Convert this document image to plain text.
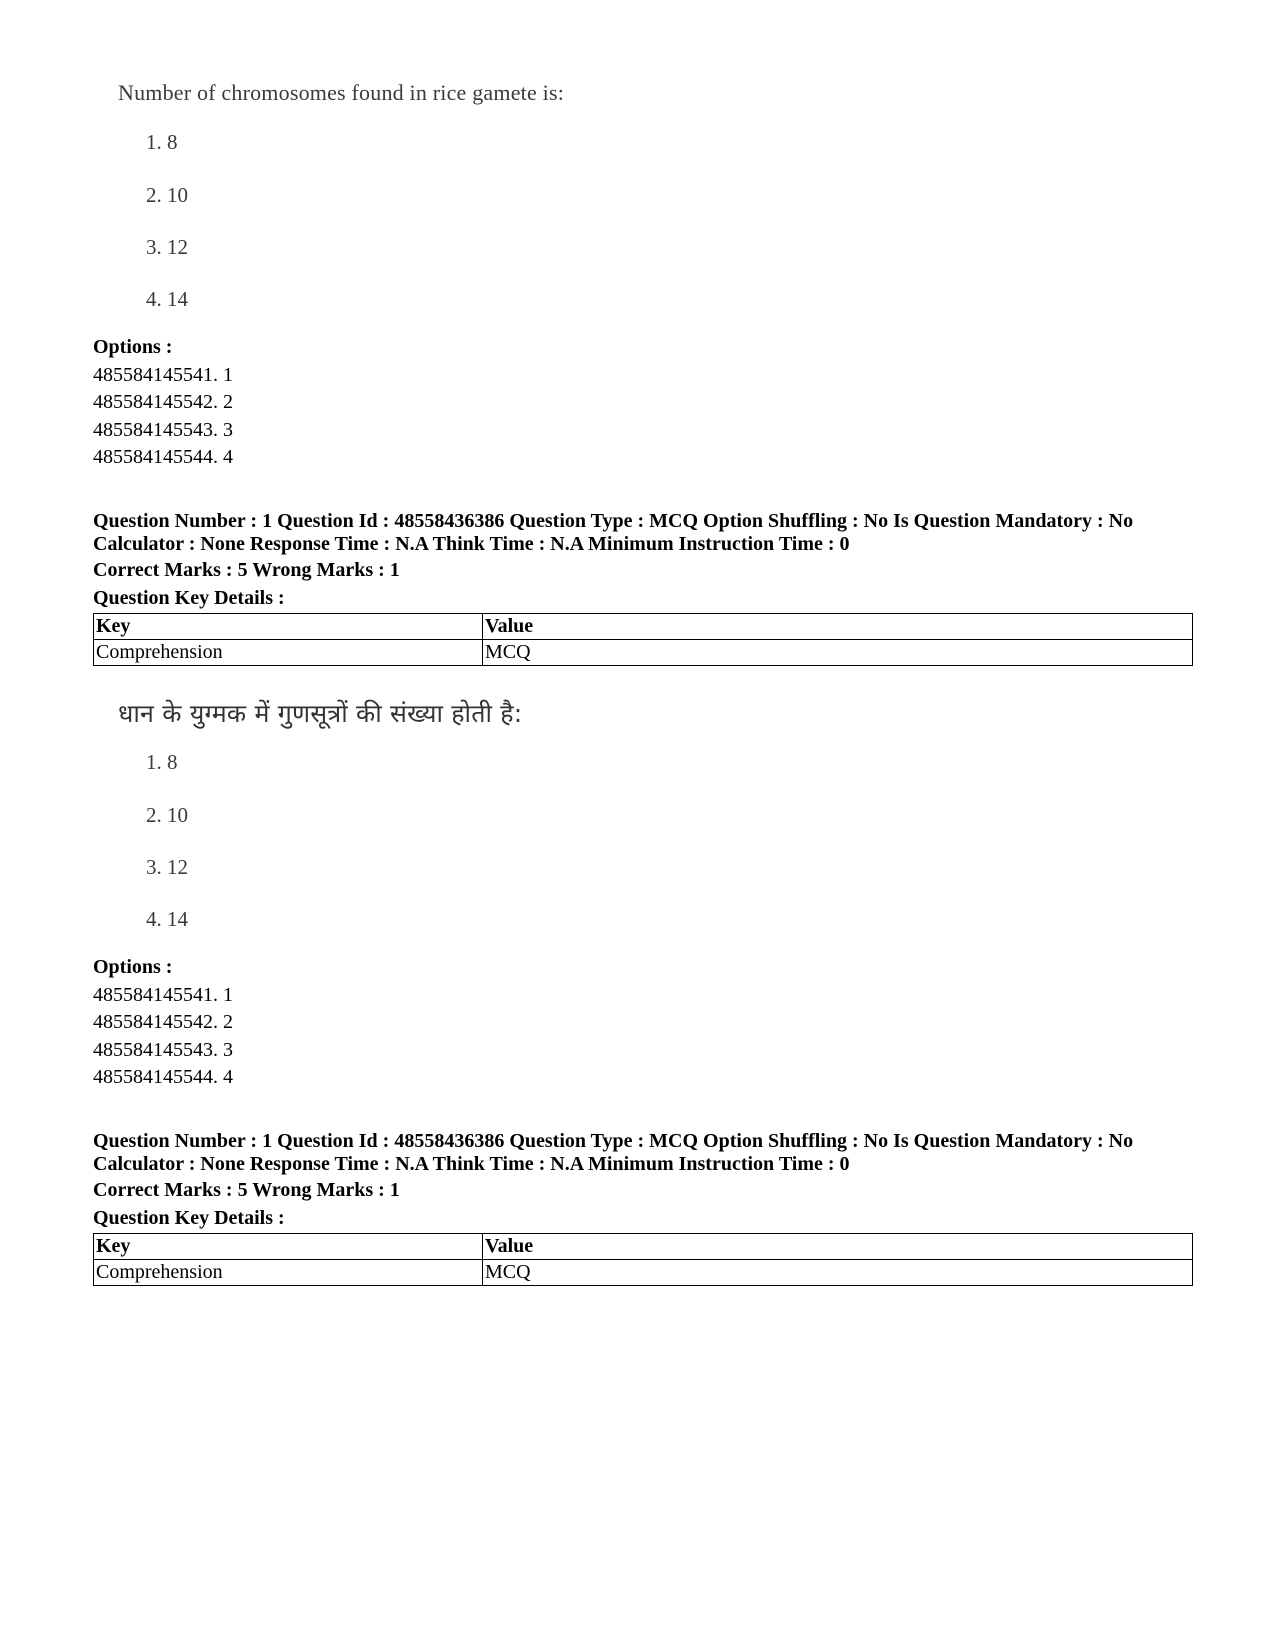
Number of chromosomes found in rice gamete is:
1. 8
2. 10
3. 12
4. 14
Options :
485584145541. 1
485584145542. 2
485584145543. 3
485584145544. 4
Question Number : 1 Question Id : 48558436386 Question Type : MCQ Option Shuffling : No Is Question Mandatory : No
Calculator : None Response Time : N.A Think Time : N.A Minimum Instruction Time : 0
Correct Marks : 5 Wrong Marks : 1
Question Key Details :
Key	Value
Comprehension	MCQ
धान के युग्मक में गुणसूत्रों की संख्या होती है:
1. 8
2. 10
3. 12
4. 14
Options :
485584145541. 1
485584145542. 2
485584145543. 3
485584145544. 4
Question Number : 1 Question Id : 48558436386 Question Type : MCQ Option Shuffling : No Is Question Mandatory : No
Calculator : None Response Time : N.A Think Time : N.A Minimum Instruction Time : 0
Correct Marks : 5 Wrong Marks : 1
Question Key Details :
Key	Value
Comprehension	MCQ
